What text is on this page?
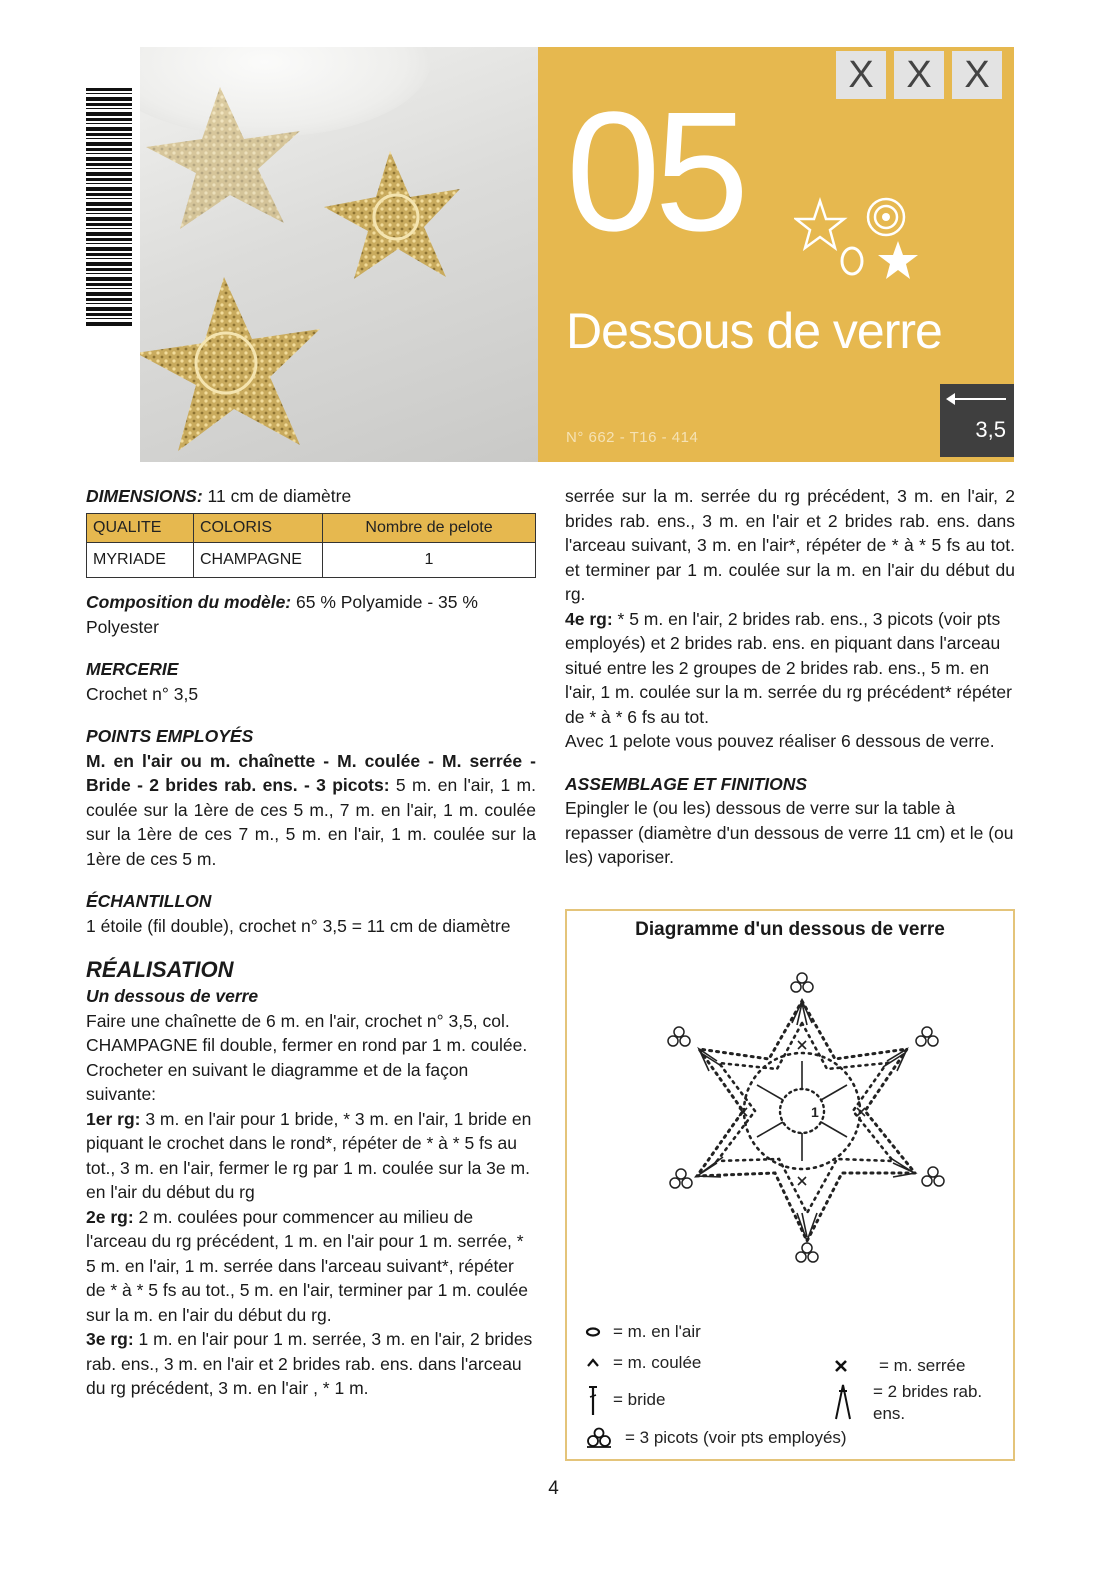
X X X
05
Dessous de verre
N° 662 - T16 - 414	3,5

DIMENSIONS: 11 cm de diamètre

QUALITE	COLORIS	Nombre de pelote
MYRIADE	CHAMPAGNE	1

Composition du modèle: 65 % Polyamide - 35 % Polyester

MERCERIE

Crochet n° 3,5

POINTS EMPLOYÉS

M. en l'air ou m. chaînette - M. coulée - M. serrée - Bride - 2 brides rab. ens. - 3 picots: 5 m. en l'air, 1 m. coulée sur la 1ère de ces 5 m., 7 m. en l'air, 1 m. coulée sur la 1ère de ces 7 m., 5 m. en l'air, 1 m. coulée sur la 1ère de ces 5 m.

ÉCHANTILLON

1 étoile (fil double), crochet n° 3,5 = 11 cm de diamètre

RÉALISATION

Un dessous de verre

Faire une chaînette de 6 m. en l'air, crochet n° 3,5, col. CHAMPAGNE fil double, fermer en rond par 1 m. coulée.

Crocheter en suivant le diagramme et de la façon suivante:

1er rg: 3 m. en l'air pour 1 bride, * 3 m. en l'air, 1 bride en piquant le crochet dans le rond*, répéter de * à * 5 fs au tot., 3 m. en l'air, fermer le rg par 1 m. coulée sur la 3e m. en l'air du début du rg

2e rg: 2 m. coulées pour commencer au milieu de l'arceau du rg précédent, 1 m. en l'air pour 1 m. serrée, * 5 m. en l'air, 1 m. serrée dans l'arceau suivant*, répéter de * à * 5 fs au tot., 5 m. en l'air, terminer par 1 m. coulée sur la m. en l'air du début du rg.

3e rg: 1 m. en l'air pour 1 m. serrée, 3 m. en l'air, 2 brides rab. ens., 3 m. en l'air et 2 brides rab. ens. dans l'arceau du rg précédent, 3 m. en l'air , * 1 m.

serrée sur la m. serrée du rg précédent, 3 m. en l'air, 2 brides rab. ens., 3 m. en l'air et 2 brides rab. ens. dans l'arceau suivant, 3 m. en l'air*, répéter de * à * 5 fs au tot. et terminer par 1 m. coulée sur la m. en l'air du début du rg.

4e rg: * 5 m. en l'air, 2 brides rab. ens., 3 picots (voir pts employés) et 2 brides rab. ens. en piquant dans l'arceau situé entre les 2 groupes de 2 brides rab. ens., 5 m. en l'air, 1 m. coulée sur la m. serrée du rg précédent* répéter de * à * 6 fs au tot.

Avec 1 pelote vous pouvez réaliser 6 dessous de verre.

ASSEMBLAGE ET FINITIONS

Epingler le (ou les) dessous de verre sur la table à repasser (diamètre d'un dessous de verre 11 cm) et le (ou les) vaporiser.

Diagramme d'un dessous de verre
1
= m. en l'air
= m. coulée
= bride
= m. serrée
= 2 brides rab. ens.
= 3 picots (voir pts employés)
4
